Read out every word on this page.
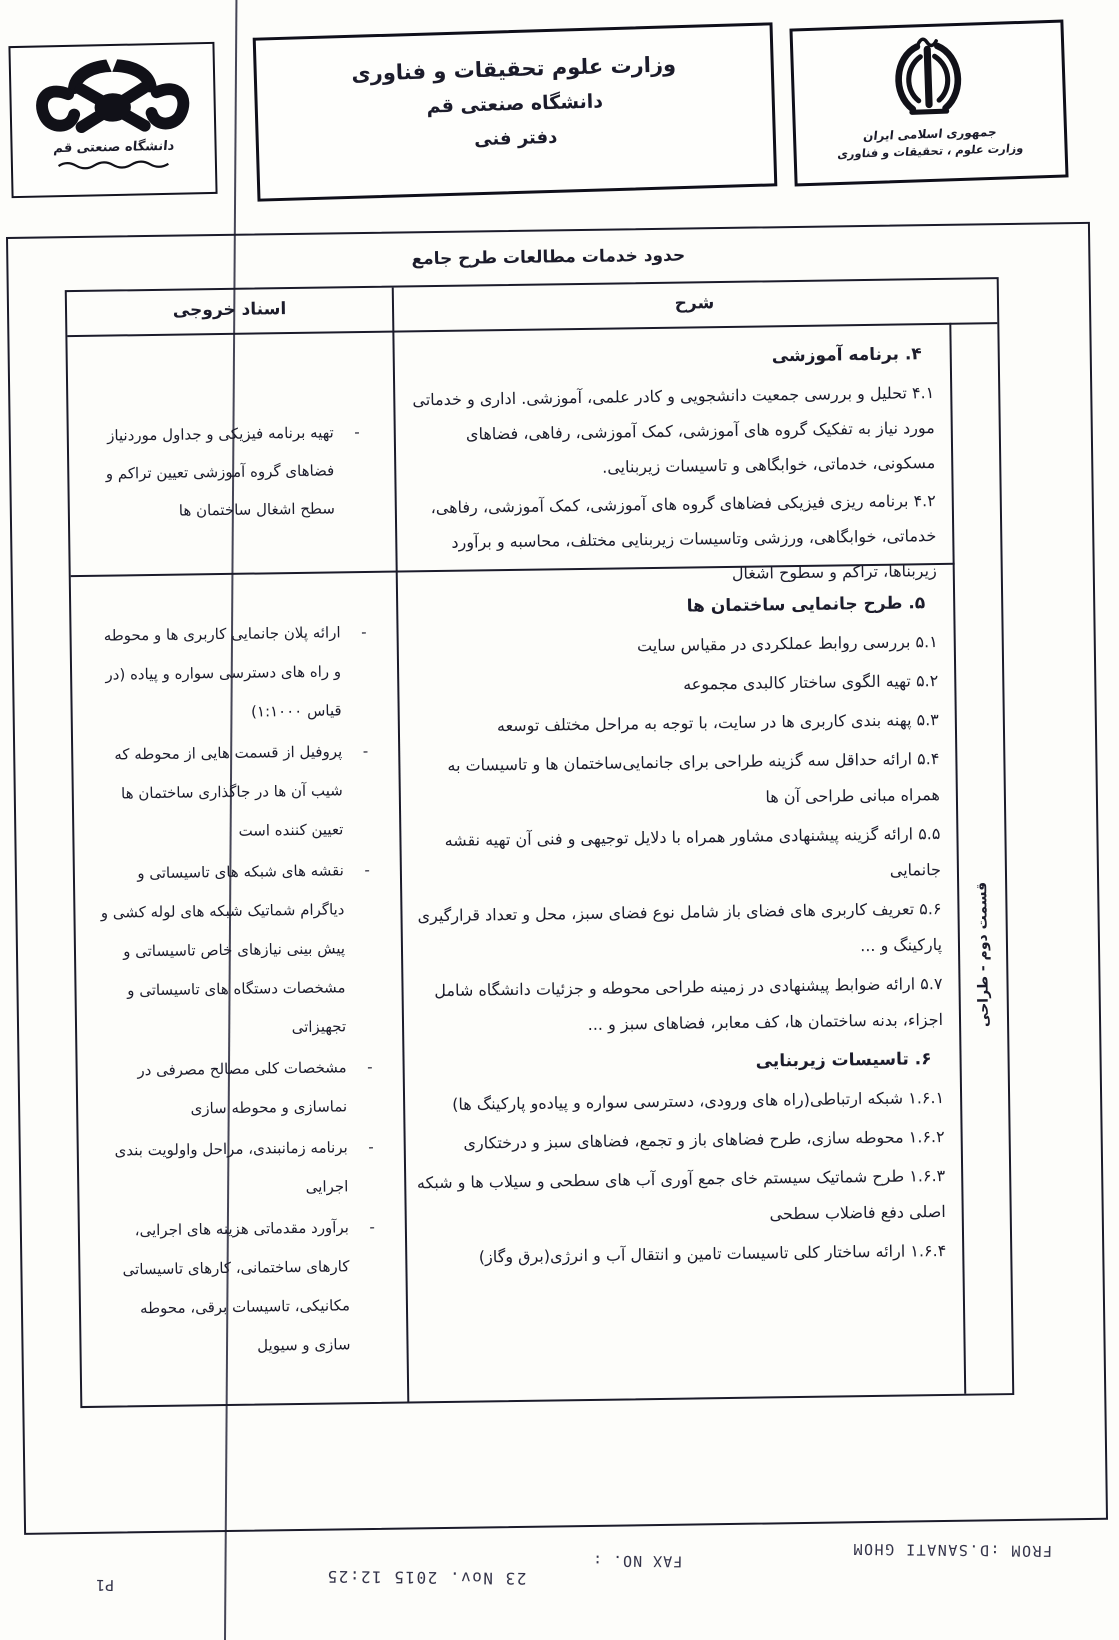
دانشگاه صنعتی قم
وزارت علوم تحقیقات و فناوری
دانشگاه صنعتی قم
دفتر فنی	جمهوری اسلامی ایران
وزارت علوم ، تحقیقات و فناوری
حدود خدمات مطالعات طرح جامع
شرح
اسناد خروجی
قسمت دوم - طراحی
۴. برنامه آموزشی
۴.۱ تحلیل و بررسی جمعیت دانشجویی و کادر علمی، آموزشی. اداری و خدماتی مورد نیاز به تفکیک گروه های آموزشی، کمک آموزشی، رفاهی، فضاهای مسکونی، خدماتی، خوابگاهی و تاسیسات زیربنایی.
۴.۲ برنامه ریزی فیزیکی فضاهای گروه های آموزشی، کمک آموزشی، رفاهی، خدماتی، خوابگاهی، ورزشی وتاسیسات زیربنایی مختلف، محاسبه و برآورد زیربناها، تراکم و سطوح اشغال
-
تهیه برنامه فیزیکی و جداول موردنیاز فضاهای گروه آموزشی تعیین تراکم و سطح اشغال ساختمان ها
۵. طرح جانمایی ساختمان ها
۵.۱ بررسی روابط عملکردی در مقیاس سایت
۵.۲ تهیه الگوی ساختار کالبدی مجموعه
۵.۳ پهنه بندی کاربری ها در سایت، با توجه به مراحل مختلف توسعه
۵.۴ ارائه حداقل سه گزینه طراحی برای جانمایی‌ساختمان ها و تاسیسات به همراه مبانی طراحی آن ها
۵.۵ ارائه گزینه پیشنهادی مشاور همراه با دلایل توجیهی و فنی آن تهیه نقشه جانمایی
۵.۶ تعریف کاربری های فضای باز شامل نوع فضای سبز، محل و تعداد قرارگیری پارکینگ و ...
۵.۷ ارائه ضوابط پیشنهادی در زمینه طراحی محوطه و جزئیات دانشگاه شامل اجزاء، بدنه ساختمان ها، کف معابر، فضاهای سبز و ...
۶. تاسیسات زیربنایی
۱.۶.۱ شبکه ارتباطی(راه های ورودی، دسترسی سواره و پیاده‌و پارکینگ ها)
۱.۶.۲ محوطه سازی، طرح فضاهای باز و تجمع، فضاهای سبز و درختکاری
۱.۶.۳ طرح شماتیک سیستم خای جمع آوری آب های سطحی و سیلاب ها و شبکه اصلی دفع فاضلاب سطحی
۱.۶.۴ ارائه ساختار کلی تاسیسات تامین و انتقال آب و انرژی(برق وگاز)
-
ارائه پلان جانمایی کاربری ها و محوطه و راه های دسترسی سواره و پیاده (در قیاس ۱:۱۰۰۰)
-
پروفیل از قسمت هایی از محوطه که شیب آن ها در جاگذاری ساختمان ها تعیین کننده است
-
نقشه های شبکه های تاسیساتی و دیاگرام شماتیک شبکه های لوله کشی و پیش بینی نیازهای خاص تاسیساتی و مشخصات دستگاه های تاسیساتی و تجهیزاتی
-
مشخصات کلی مصالح مصرفی در نماسازی و محوطه سازی
-
برنامه زمانبندی، مراحل واولویت بندی اجرایی
-
برآورد مقدماتی هزینه های اجرایی، کارهای ساختمانی، کارهای تاسیساتی مکانیکی، تاسیسات برقی، محوطه سازی و سیویل
FROM :D.SANATI GHOM
FAX NO. :
23 Nov. 2015 12:25
P1
